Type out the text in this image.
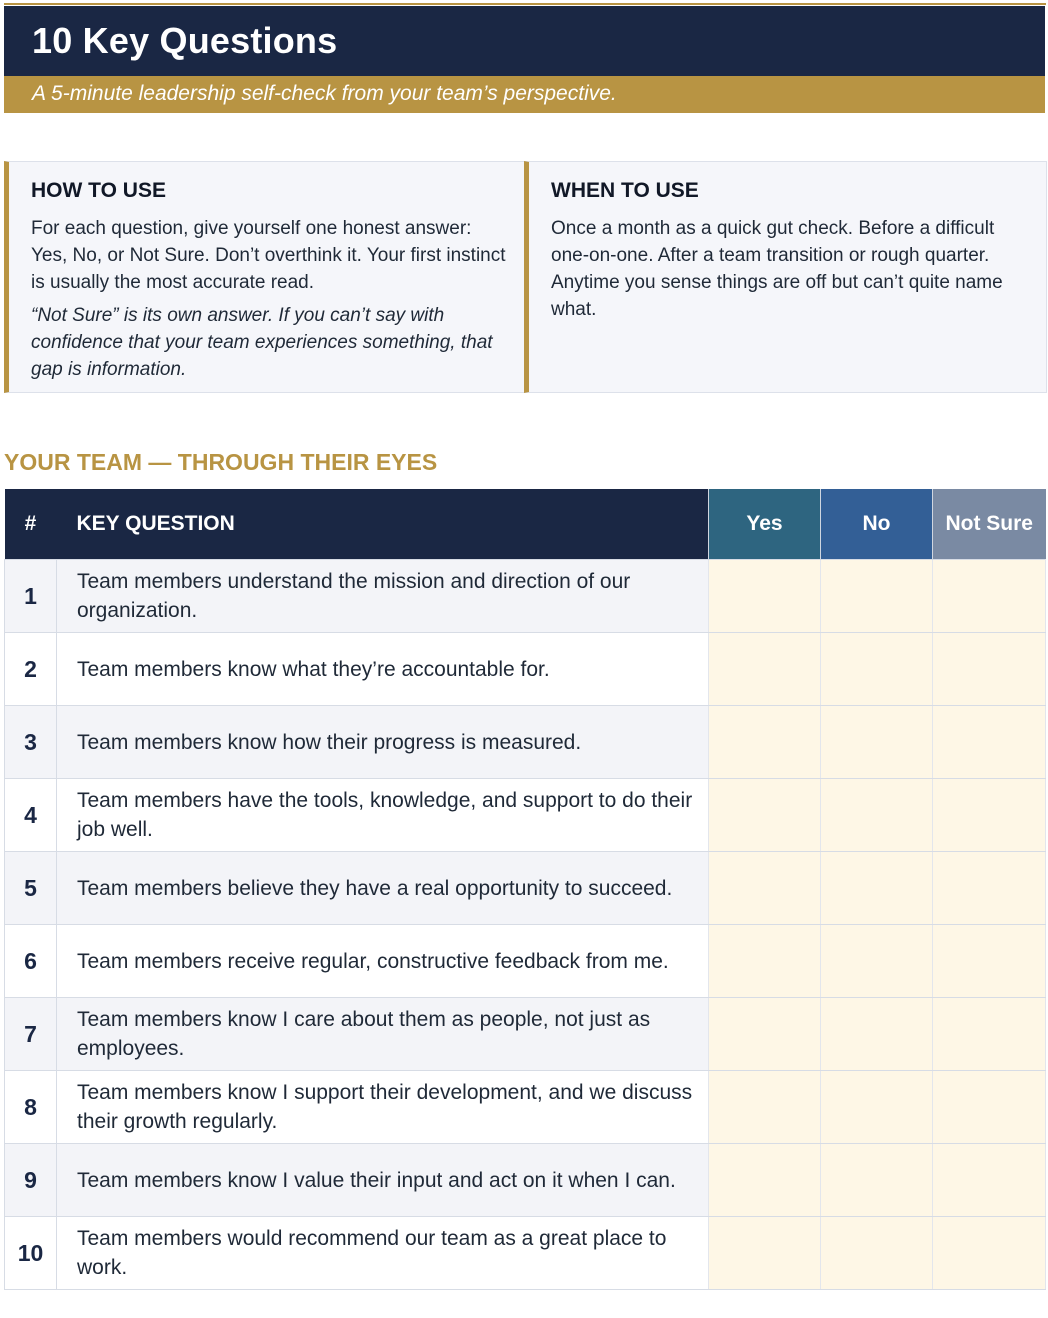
10 Key Questions
A 5-minute leadership self-check from your team’s perspective.
HOW TO USE
For each question, give yourself one honest answer: Yes, No, or Not Sure. Don’t overthink it. Your first instinct is usually the most accurate read.
“Not Sure” is its own answer. If you can’t say with confidence that your team experiences something, that gap is information.
WHEN TO USE
Once a month as a quick gut check. Before a difficult one-on-one. After a team transition or rough quarter. Anytime you sense things are off but can’t quite name what.
YOUR TEAM — THROUGH THEIR EYES
#	KEY QUESTION	Yes	No	Not Sure
1	Team members understand the mission and direction of our organization.			
2	Team members know what they’re accountable for.			
3	Team members know how their progress is measured.			
4	Team members have the tools, knowledge, and support to do their job well.			
5	Team members believe they have a real opportunity to succeed.			
6	Team members receive regular, constructive feedback from me.			
7	Team members know I care about them as people, not just as employees.			
8	Team members know I support their development, and we discuss their growth regularly.			
9	Team members know I value their input and act on it when I can.			
10	Team members would recommend our team as a great place to work.			
